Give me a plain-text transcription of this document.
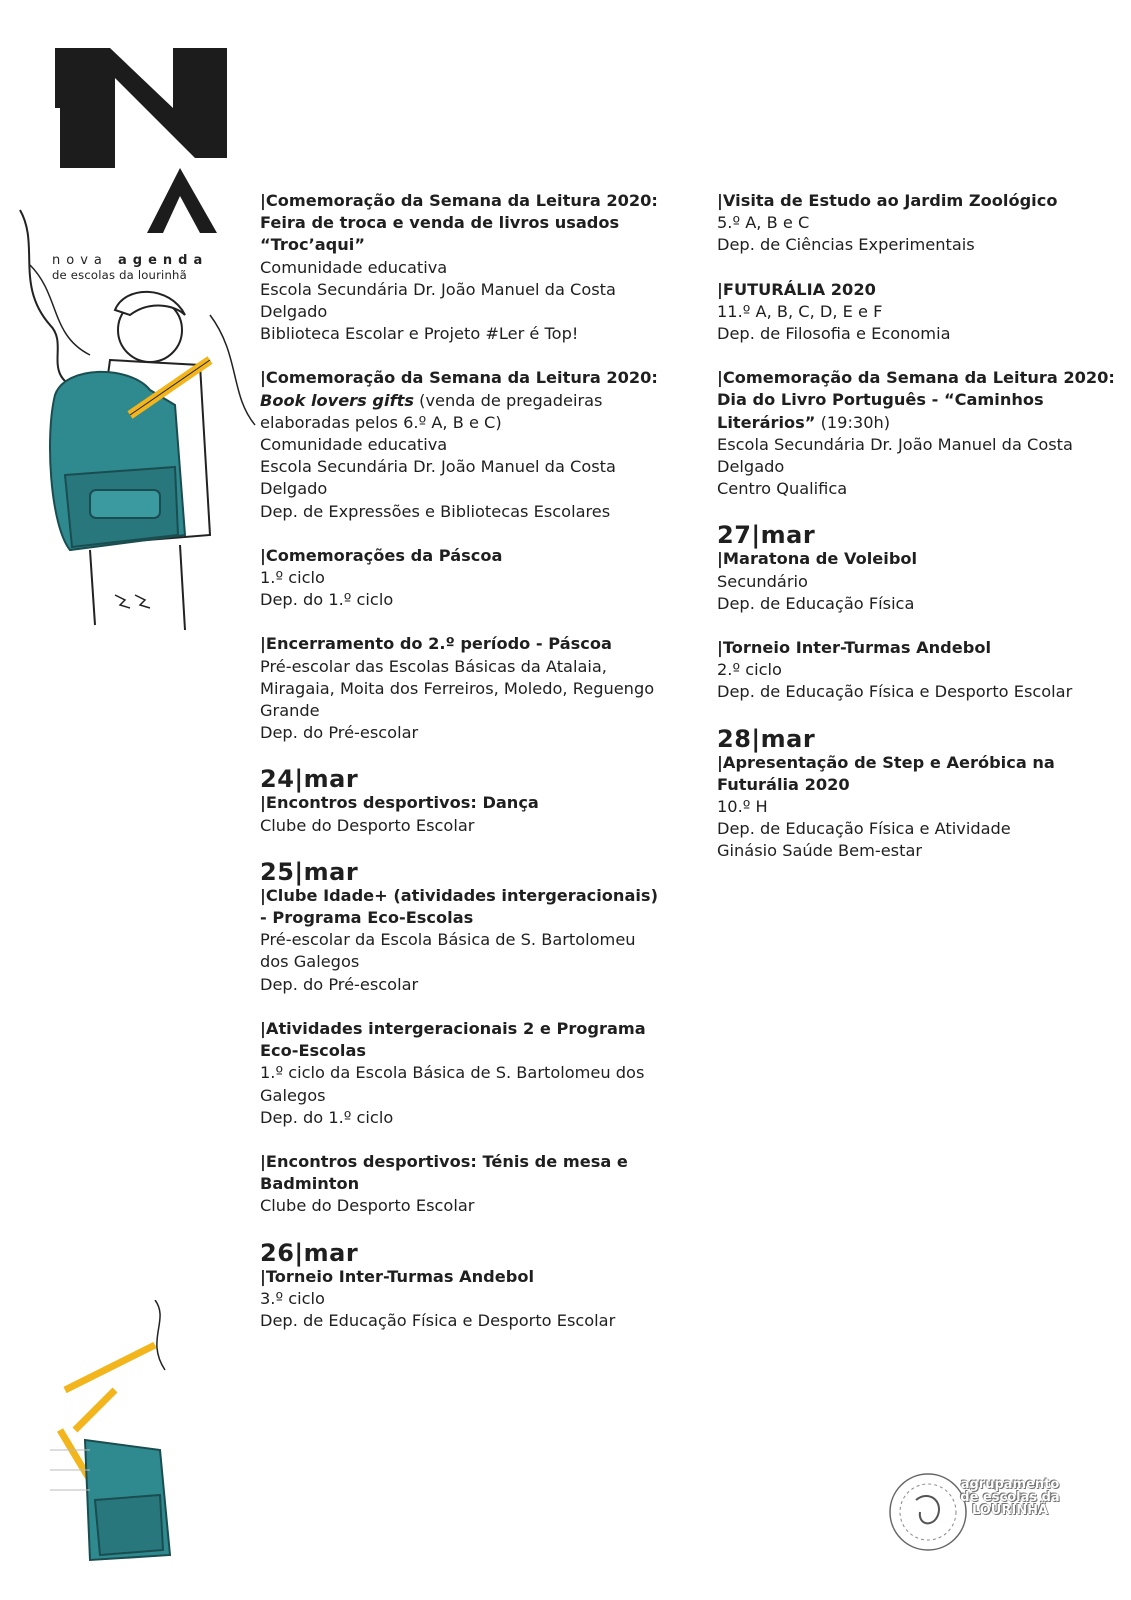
nova agenda
de escolas da lourinhã
|Comemoração da Semana da Leitura 2020: Feira de troca e venda de livros usados “Troc’aqui”
Comunidade educativa
Escola Secundária Dr. João Manuel da Costa Delgado
Biblioteca Escolar e Projeto #Ler é Top!
|Comemoração da Semana da Leitura 2020: Book lovers gifts (venda de pregadeiras elaboradas pelos 6.º A, B e C)
Comunidade educativa
Escola Secundária Dr. João Manuel da Costa Delgado
Dep. de Expressões e Bibliotecas Escolares
|Comemorações da Páscoa
1.º ciclo
Dep. do 1.º ciclo
|Encerramento do 2.º período - Páscoa
Pré-escolar das Escolas Básicas da Atalaia, Miragaia, Moita dos Ferreiros, Moledo, Reguengo Grande
Dep. do Pré-escolar
24|mar
|Encontros desportivos: Dança
Clube do Desporto Escolar
25|mar
|Clube Idade+ (atividades intergeracionais) - Programa Eco-Escolas
Pré-escolar da Escola Básica de S. Bartolomeu dos Galegos
Dep. do Pré-escolar
|Atividades intergeracionais 2 e Programa Eco-Escolas
1.º ciclo da Escola Básica de S. Bartolomeu dos Galegos
Dep. do 1.º ciclo
|Encontros desportivos: Ténis de mesa e Badminton
Clube do Desporto Escolar
26|mar
|Torneio Inter-Turmas Andebol
3.º ciclo
Dep. de Educação Física e Desporto Escolar
|Visita de Estudo ao Jardim Zoológico
5.º A, B e C
Dep. de Ciências Experimentais
|FUTURÁLIA 2020
11.º A, B, C, D, E e F
Dep. de Filosofia e Economia
|Comemoração da Semana da Leitura 2020: Dia do Livro Português - “Caminhos Literários” (19:30h)
Escola Secundária Dr. João Manuel da Costa Delgado
Centro Qualifica
27|mar
|Maratona de Voleibol
Secundário
Dep. de Educação Física
|Torneio Inter-Turmas Andebol
2.º ciclo
Dep. de Educação Física e Desporto Escolar
28|mar
|Apresentação de Step e Aeróbica na Futurália 2020
10.º H
Dep. de Educação Física e Atividade
Ginásio Saúde Bem-estar
agrupamento
de escolas da
LOURINHÃ
